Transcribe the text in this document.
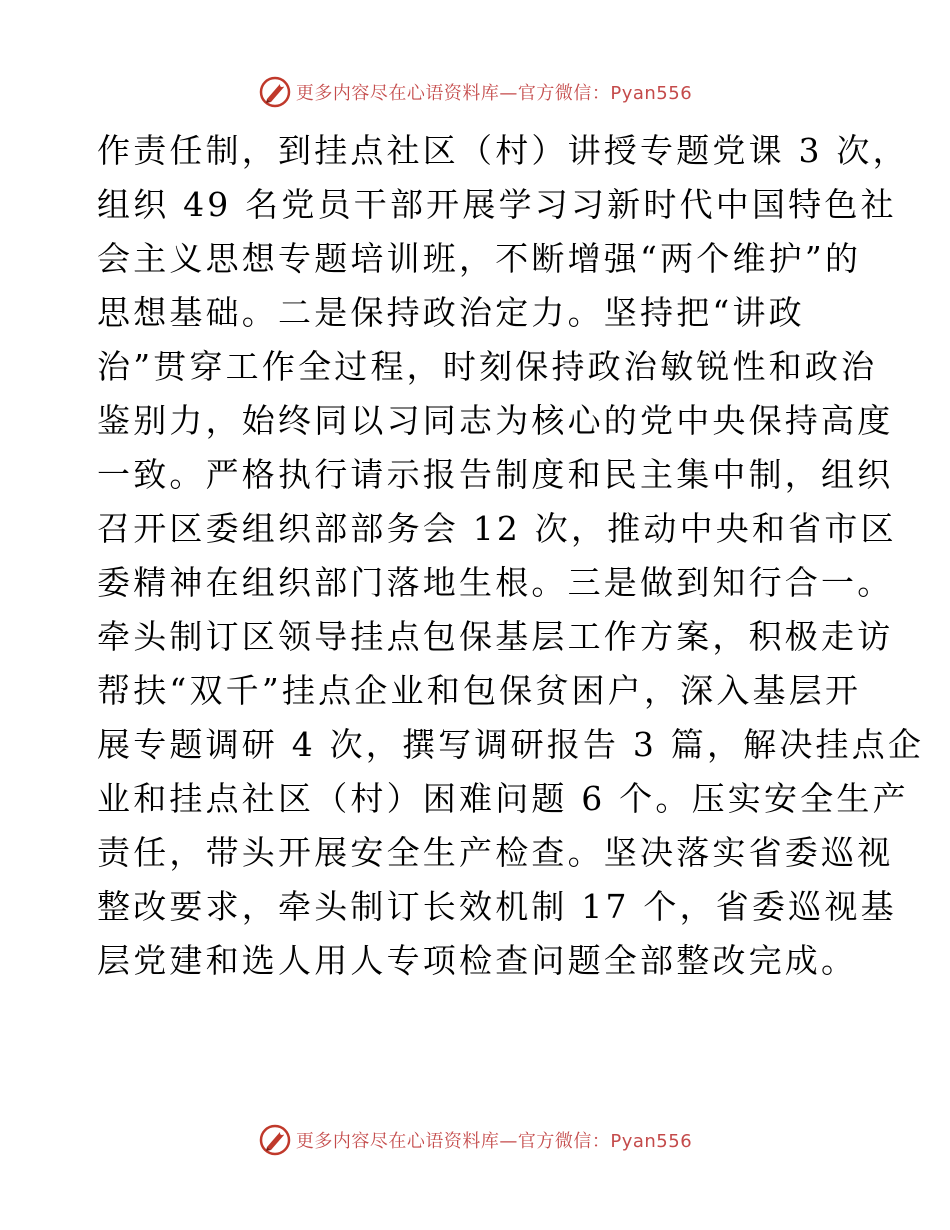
更多内容尽在心语资料库—官方微信：Pyan556
作责任制，到挂点社区（村）讲授专题党课 3 次，
组织 49 名党员干部开展学习习新时代中国特色社
会主义思想专题培训班，不断增强“两个维护”的
思想基础。二是保持政治定力。坚持把“讲政
治”贯穿工作全过程，时刻保持政治敏锐性和政治
鉴别力，始终同以习同志为核心的党中央保持高度
一致。严格执行请示报告制度和民主集中制，组织
召开区委组织部部务会 12 次，推动中央和省市区
委精神在组织部门落地生根。三是做到知行合一。
牵头制订区领导挂点包保基层工作方案，积极走访
帮扶“双千”挂点企业和包保贫困户，深入基层开
展专题调研 4 次，撰写调研报告 3 篇，解决挂点企
业和挂点社区（村）困难问题 6 个。压实安全生产
责任，带头开展安全生产检查。坚决落实省委巡视
整改要求，牵头制订长效机制 17 个，省委巡视基
层党建和选人用人专项检查问题全部整改完成。
更多内容尽在心语资料库—官方微信：Pyan556
